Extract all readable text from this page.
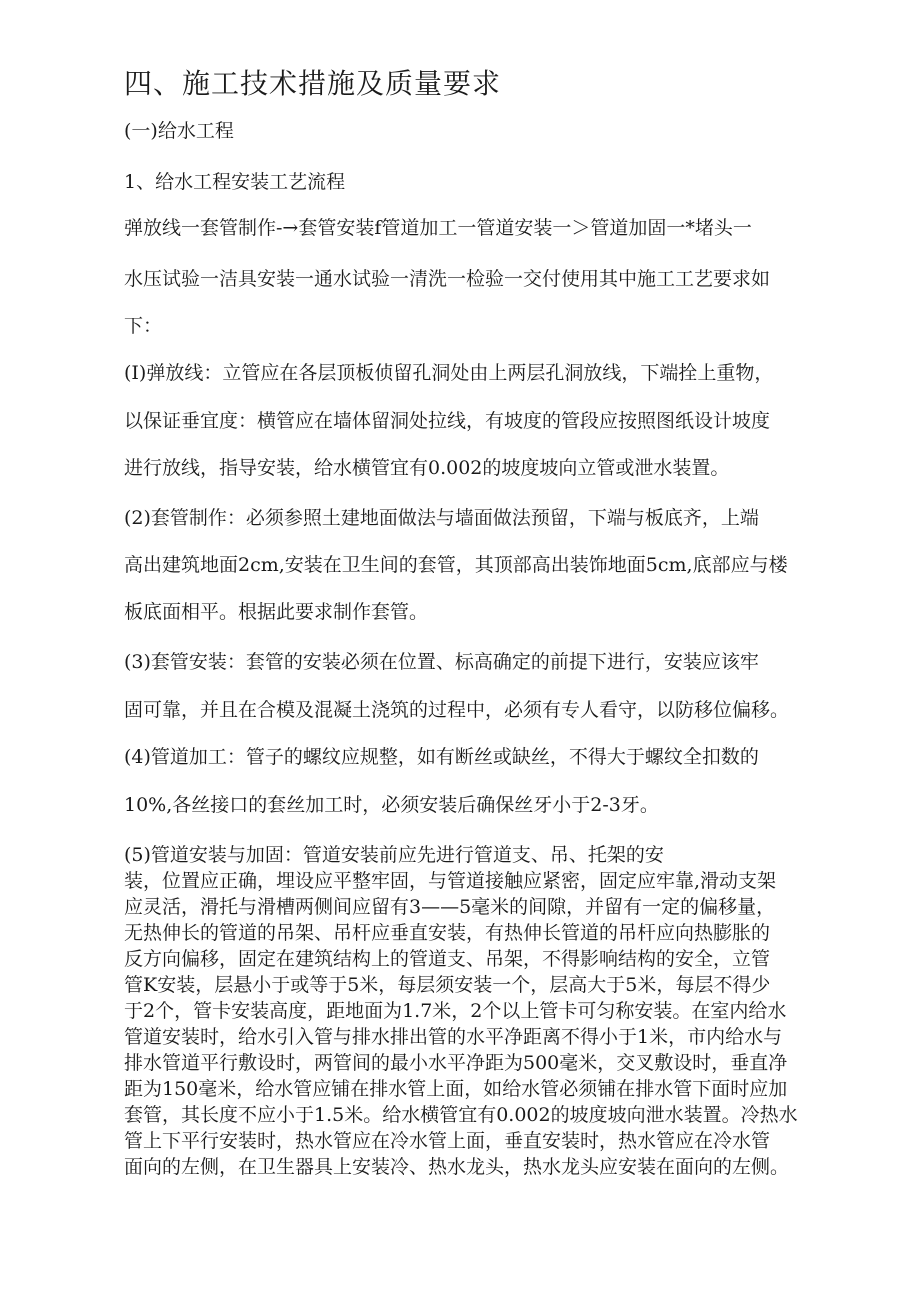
四、施工技术措施及质量要求
(一)给水工程
1、给水工程安装工艺流程
弹放线一套管制作-→套管安装f管道加工一管道安装一＞管道加固一*堵头一
水压试验一洁具安装一通水试验一清洗一检验一交付使用其中施工工艺要求如
下：
(I)弹放线：立管应在各层顶板侦留孔洞处由上两层孔洞放线，下端拴上重物，
以保证垂宜度：横管应在墙体留洞处拉线，有坡度的管段应按照图纸设计坡度
进行放线，指导安装，给水横管宜有0.002的坡度坡向立管或泄水装置。
(2)套管制作：必须参照土建地面做法与墙面做法预留，下端与板底齐，上端
高出建筑地面2cm,安装在卫生间的套管，其顶部高出装饰地面5cm,底部应与楼
板底面相平。根据此要求制作套管。
(3)套管安装：套管的安装必须在位置、标高确定的前提下进行，安装应该牢
固可靠，并且在合模及混凝土浇筑的过程中，必须有专人看守，以防移位偏移。
(4)管道加工：管子的螺纹应规整，如有断丝或缺丝，不得大于螺纹全扣数的
10%,各丝接口的套丝加工时，必须安装后确保丝牙小于2-3牙。
(5)管道安装与加固：管道安装前应先进行管道支、吊、托架的安
装，位置应正确，埋设应平整牢固，与管道接触应紧密，固定应牢靠,滑动支架
应灵活，滑托与滑槽两侧间应留有3——5毫米的间隙，并留有一定的偏移量，
无热伸长的管道的吊架、吊杆应垂直安装，有热伸长管道的吊杆应向热膨胀的
反方向偏移，固定在建筑结构上的管道支、吊架，不得影响结构的安全，立管
管K安装，层悬小于或等于5米，每层须安装一个，层高大于5米，每层不得少
于2个，管卡安装高度，距地面为1.7米，2个以上管卡可匀称安装。在室内给水
管道安装时，给水引入管与排水排出管的水平净距离不得小于1米，市内给水与
排水管道平行敷设时，两管间的最小水平净距为500毫米，交叉敷设时，垂直净
距为150毫米，给水管应铺在排水管上面，如给水管必须铺在排水管下面时应加
套管，其长度不应小于1.5米。给水横管宜有0.002的坡度坡向泄水装置。冷热水
管上下平行安装时，热水管应在冷水管上面，垂直安装时，热水管应在冷水管
面向的左侧，在卫生器具上安装冷、热水龙头，热水龙头应安装在面向的左侧。
